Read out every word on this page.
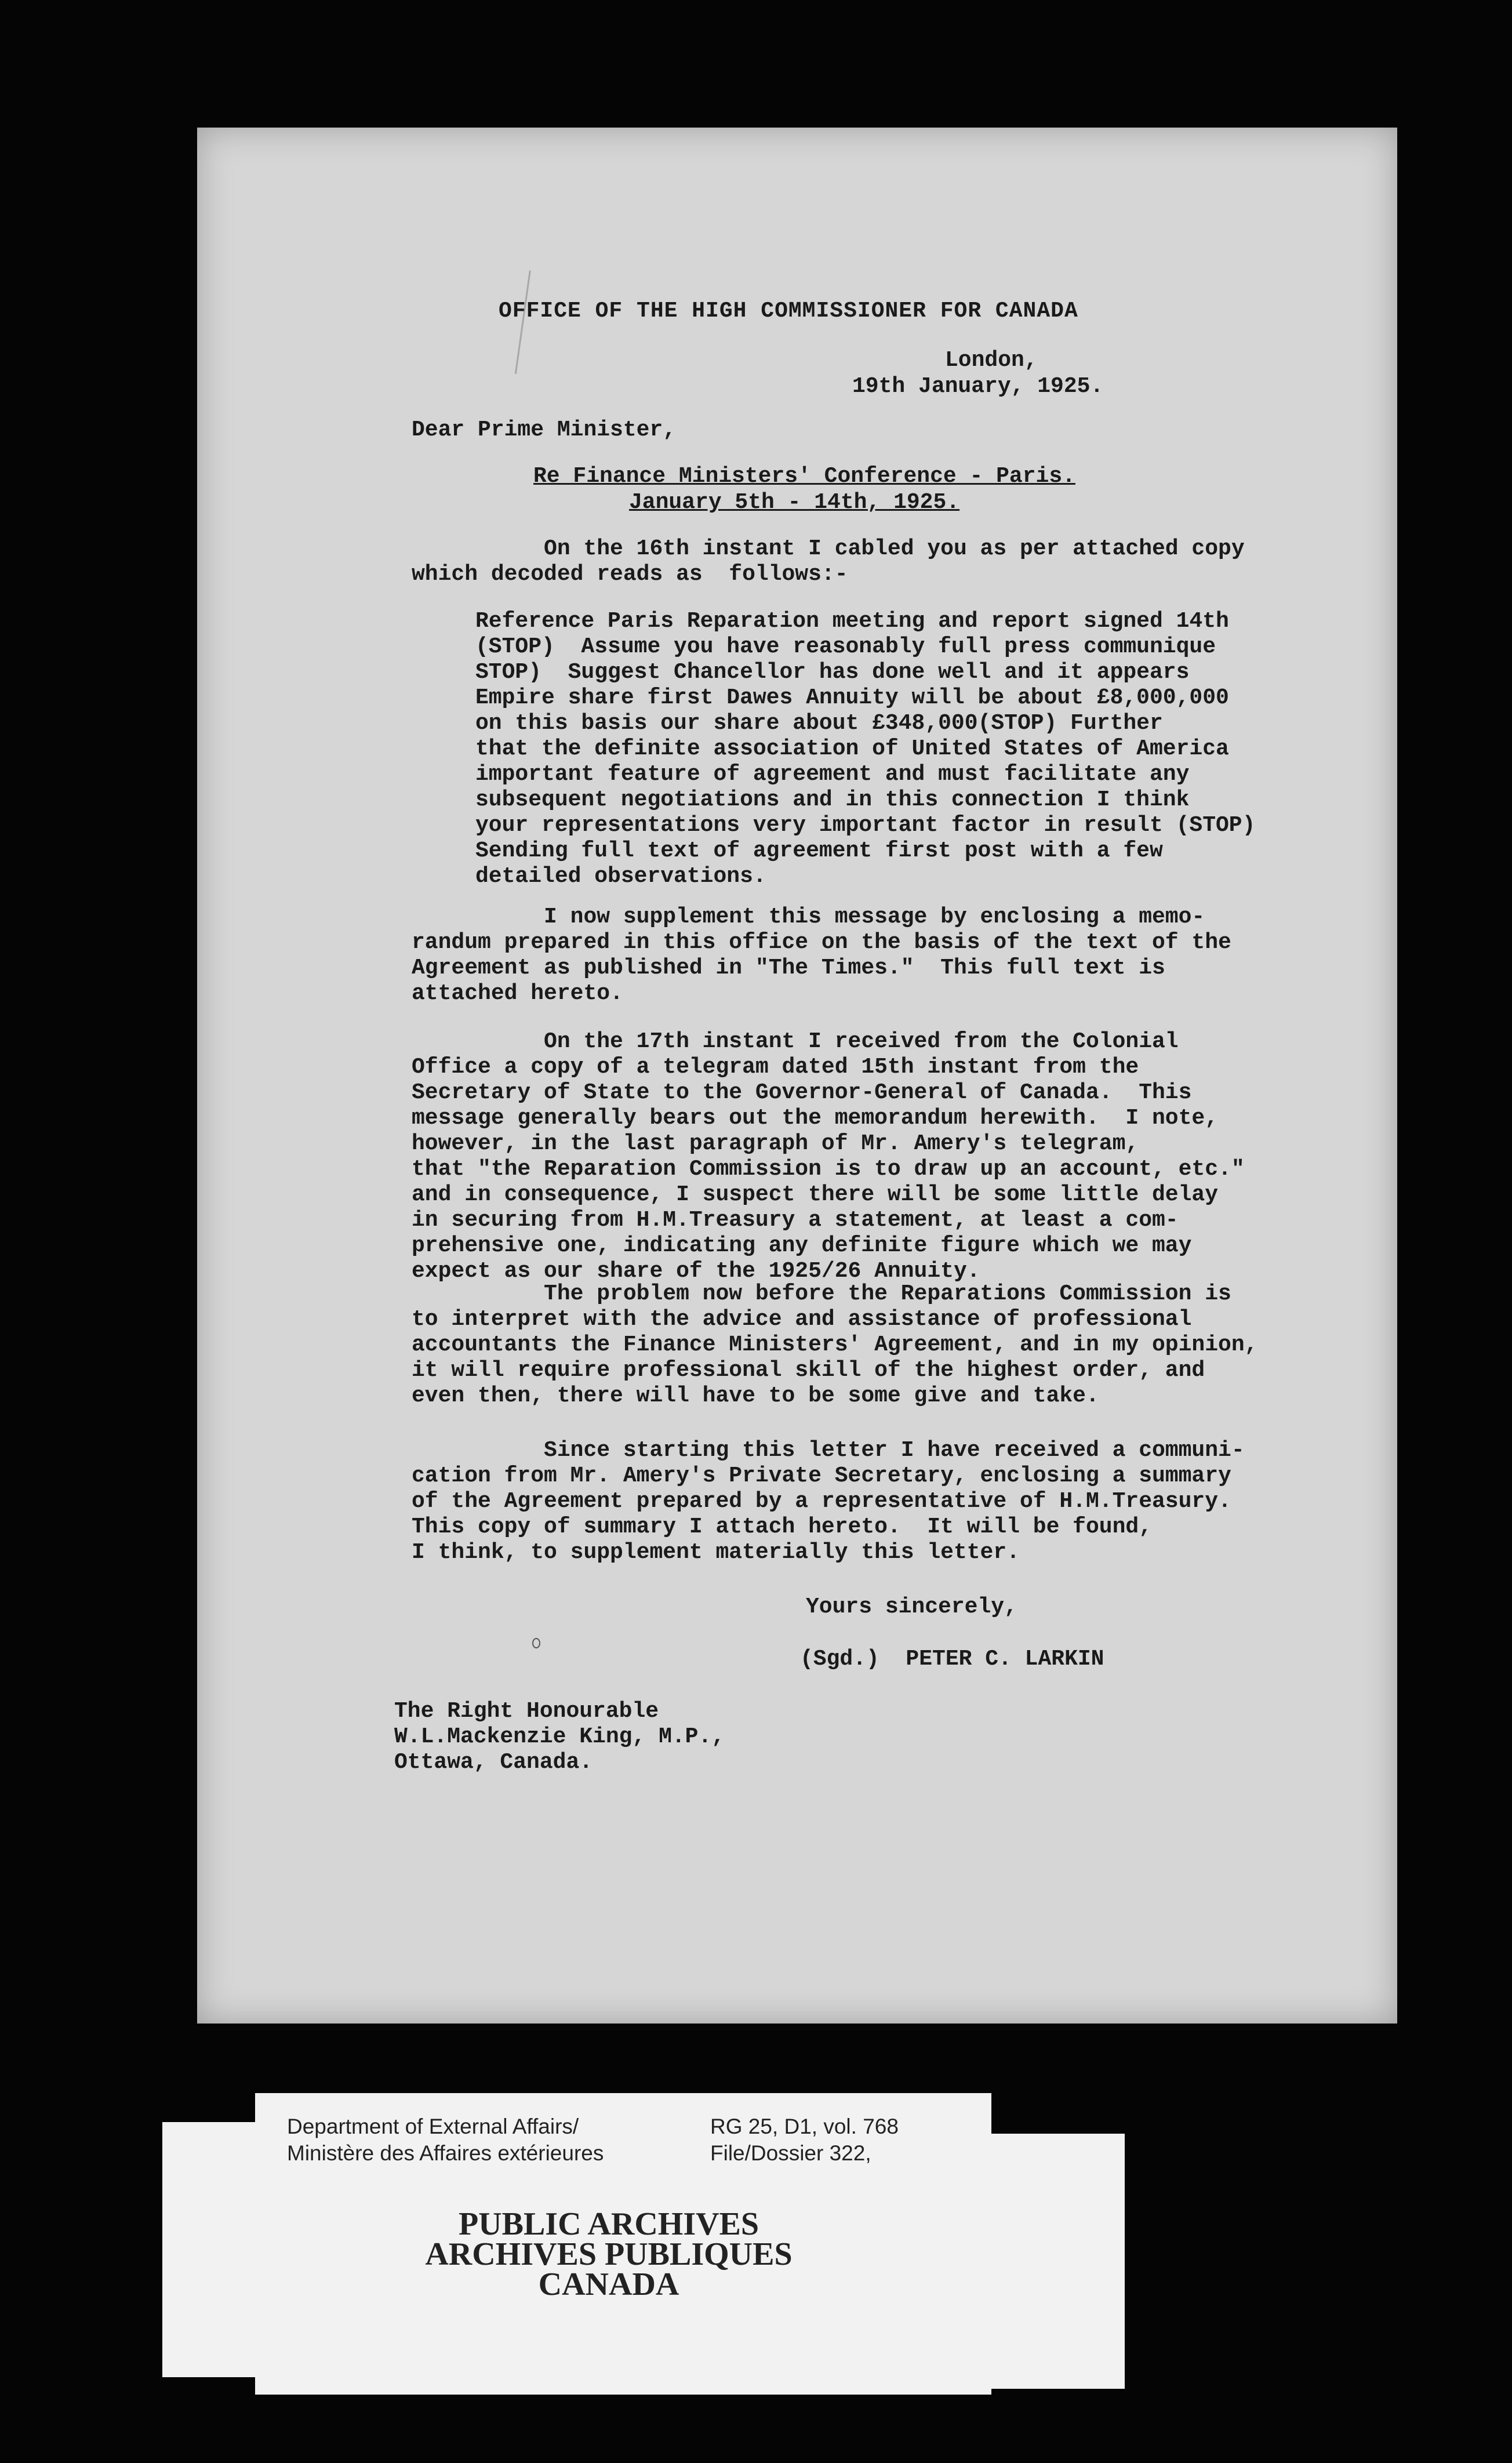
OFFICE OF THE HIGH COMMISSIONER FOR CANADA
London,
19th January, 1925.
Dear Prime Minister,
Re Finance Ministers' Conference - Paris.
January 5th - 14th, 1925.
On the 16th instant I cabled you as per attached copy
which decoded reads as  follows:-
Reference Paris Reparation meeting and report signed 14th
(STOP)  Assume you have reasonably full press communique
STOP)  Suggest Chancellor has done well and it appears
Empire share first Dawes Annuity will be about £8,000,000
on this basis our share about £348,000(STOP) Further
that the definite association of United States of America
important feature of agreement and must facilitate any
subsequent negotiations and in this connection I think
your representations very important factor in result (STOP)
Sending full text of agreement first post with a few
detailed observations.
I now supplement this message by enclosing a memo-
randum prepared in this office on the basis of the text of the
Agreement as published in "The Times."  This full text is
attached hereto.
On the 17th instant I received from the Colonial
Office a copy of a telegram dated 15th instant from the
Secretary of State to the Governor-General of Canada.  This
message generally bears out the memorandum herewith.  I note,
however, in the last paragraph of Mr. Amery's telegram,
that "the Reparation Commission is to draw up an account, etc."
and in consequence, I suspect there will be some little delay
in securing from H.M.Treasury a statement, at least a com-
prehensive one, indicating any definite figure which we may
expect as our share of the 1925/26 Annuity.
The problem now before the Reparations Commission is
to interpret with the advice and assistance of professional
accountants the Finance Ministers' Agreement, and in my opinion,
it will require professional skill of the highest order, and
even then, there will have to be some give and take.
Since starting this letter I have received a communi-
cation from Mr. Amery's Private Secretary, enclosing a summary
of the Agreement prepared by a representative of H.M.Treasury.
This copy of summary I attach hereto.  It will be found,
I think, to supplement materially this letter.
Yours sincerely,
(Sgd.)  PETER C. LARKIN
The Right Honourable
W.L.Mackenzie King, M.P.,
Ottawa, Canada.
Department of External Affairs/
Ministère des Affaires extérieures
RG 25, D1, vol. 768
File/Dossier 322,
PUBLIC ARCHIVES
ARCHIVES PUBLIQUES
CANADA
